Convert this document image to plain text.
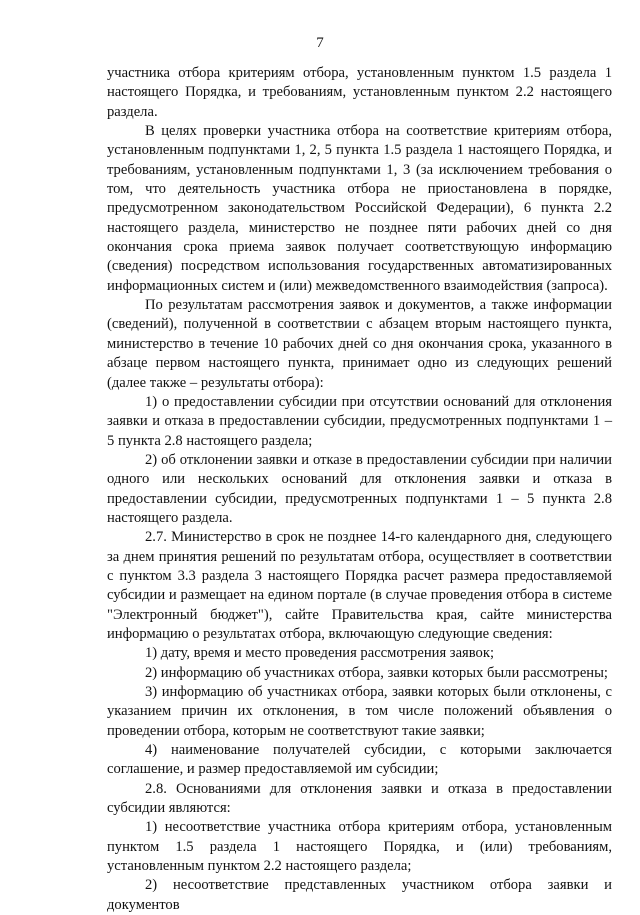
7

участника отбора критериям отбора, установленным пунктом 1.5 раздела 1 настоящего Порядка, и требованиям, установленным пунктом 2.2 настоящего раздела.

В целях проверки участника отбора на соответствие критериям отбора, установленным подпунктами 1, 2, 5 пункта 1.5 раздела 1 настоящего Порядка, и требованиям, установленным подпунктами 1, 3 (за исключением требования о том, что деятельность участника отбора не приостановлена в порядке, предусмотренном законодательством Российской Федерации), 6 пункта 2.2 настоящего раздела, министерство не позднее пяти рабочих дней со дня окончания срока приема заявок получает соответствующую информацию (сведения) посредством использования государственных автоматизированных информационных систем и (или) межведомственного взаимодействия (запроса).

По результатам рассмотрения заявок и документов, а также информации (сведений), полученной в соответствии с абзацем вторым настоящего пункта, министерство в течение 10 рабочих дней со дня окончания срока, указанного в абзаце первом настоящего пункта, принимает одно из следующих решений (далее также – результаты отбора):

1) о предоставлении субсидии при отсутствии оснований для отклонения заявки и отказа в предоставлении субсидии, предусмотренных подпунктами 1 – 5 пункта 2.8 настоящего раздела;

2) об отклонении заявки и отказе в предоставлении субсидии при наличии одного или нескольких оснований для отклонения заявки и отказа в предоставлении субсидии, предусмотренных подпунктами 1 – 5 пункта 2.8 настоящего раздела.

2.7. Министерство в срок не позднее 14-го календарного дня, следующего за днем принятия решений по результатам отбора, осуществляет в соответствии с пунктом 3.3 раздела 3 настоящего Порядка расчет размера предоставляемой субсидии и размещает на едином портале (в случае проведения отбора в системе "Электронный бюджет"), сайте Правительства края, сайте министерства информацию о результатах отбора, включающую следующие сведения:

1) дату, время и место проведения рассмотрения заявок;

2) информацию об участниках отбора, заявки которых были рассмотрены;

3) информацию об участниках отбора, заявки которых были отклонены, с указанием причин их отклонения, в том числе положений объявления о проведении отбора, которым не соответствуют такие заявки;

4) наименование получателей субсидии, с которыми заключается соглашение, и размер предоставляемой им субсидии;

2.8. Основаниями для отклонения заявки и отказа в предоставлении субсидии являются:

1) несоответствие участника отбора критериям отбора, установленным пунктом 1.5 раздела 1 настоящего Порядка, и (или) требованиям, установленным пунктом 2.2 настоящего раздела;

2) несоответствие представленных участником отбора заявки и документов
